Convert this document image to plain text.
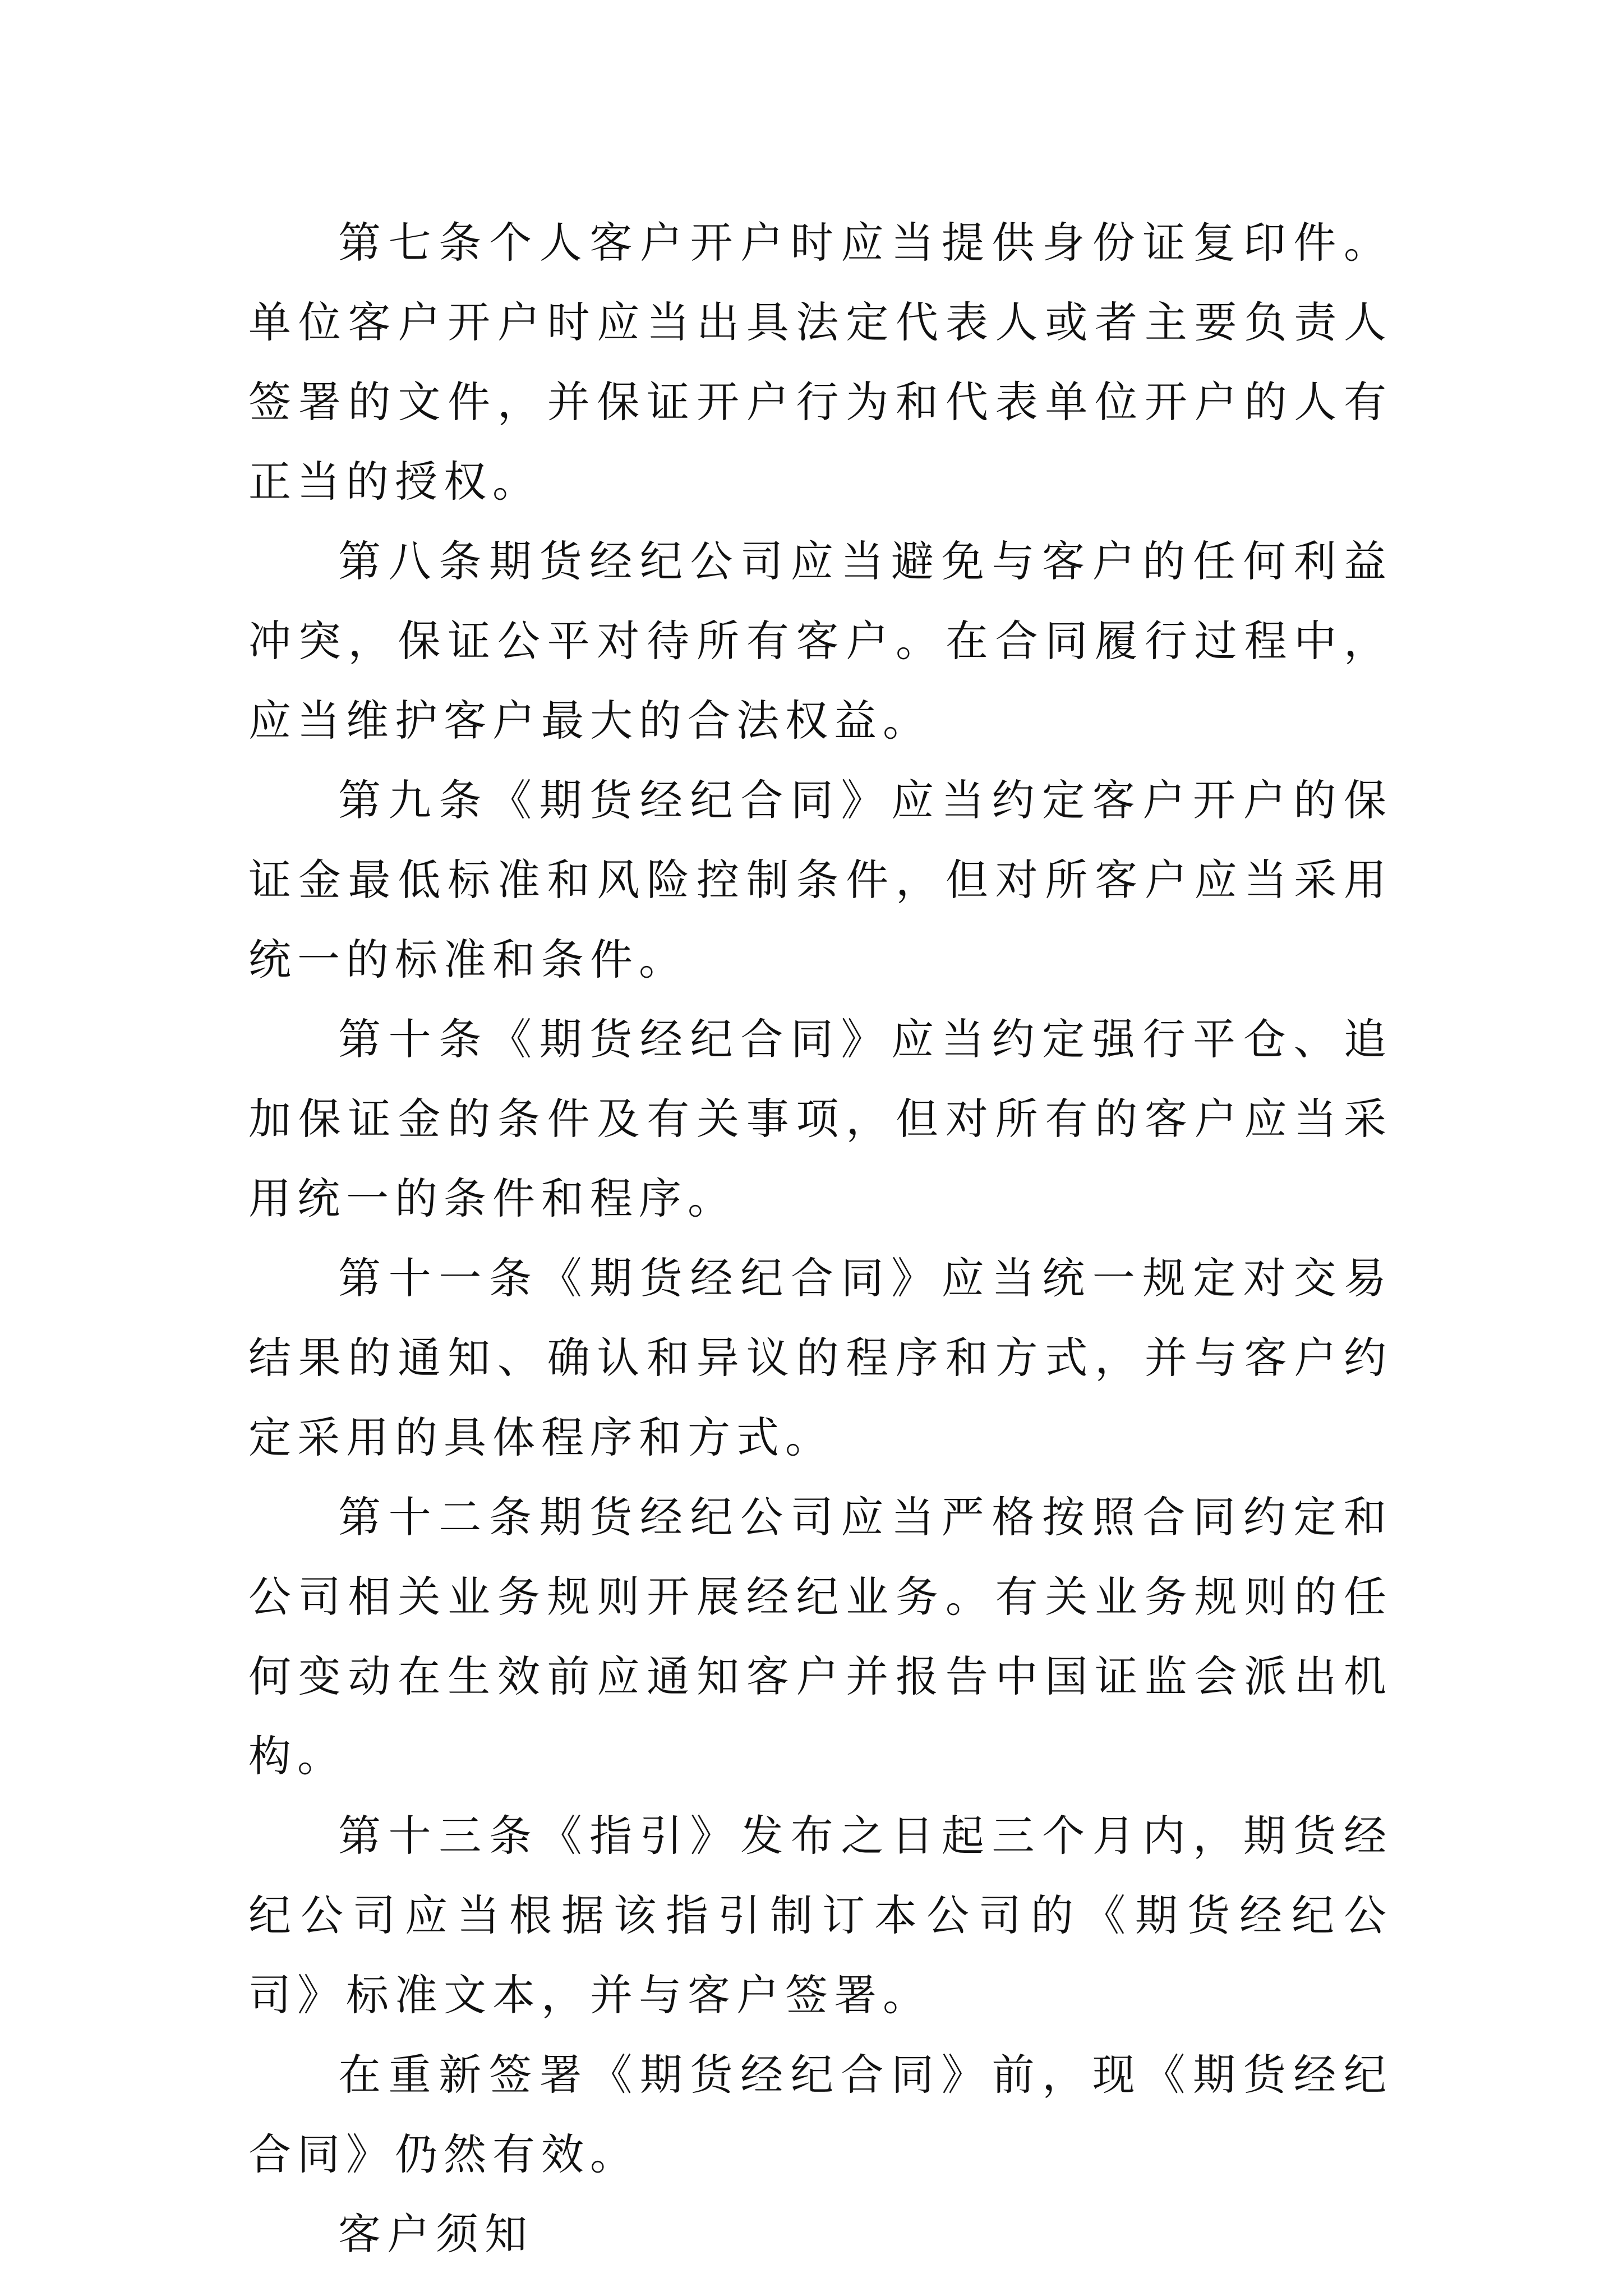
第七条个人客户开户时应当提供身份证复印件。单位客户开户时应当出具法定代表人或者主要负责人签署的文件，并保证开户行为和代表单位开户的人有正当的授权。

第八条期货经纪公司应当避免与客户的任何利益冲突，保证公平对待所有客户。在合同履行过程中，应当维护客户最大的合法权益。

第九条《期货经纪合同》应当约定客户开户的保证金最低标准和风险控制条件，但对所客户应当采用统一的标准和条件。

第十条《期货经纪合同》应当约定强行平仓、追加保证金的条件及有关事项，但对所有的客户应当采用统一的条件和程序。

第十一条《期货经纪合同》应当统一规定对交易结果的通知、确认和异议的程序和方式，并与客户约定采用的具体程序和方式。

第十二条期货经纪公司应当严格按照合同约定和公司相关业务规则开展经纪业务。有关业务规则的任何变动在生效前应通知客户并报告中国证监会派出机构。

第十三条《指引》发布之日起三个月内，期货经纪公司应当根据该指引制订本公司的《期货经纪公司》标准文本，并与客户签署。

在重新签署《期货经纪合同》前，现《期货经纪合同》仍然有效。

客户须知
